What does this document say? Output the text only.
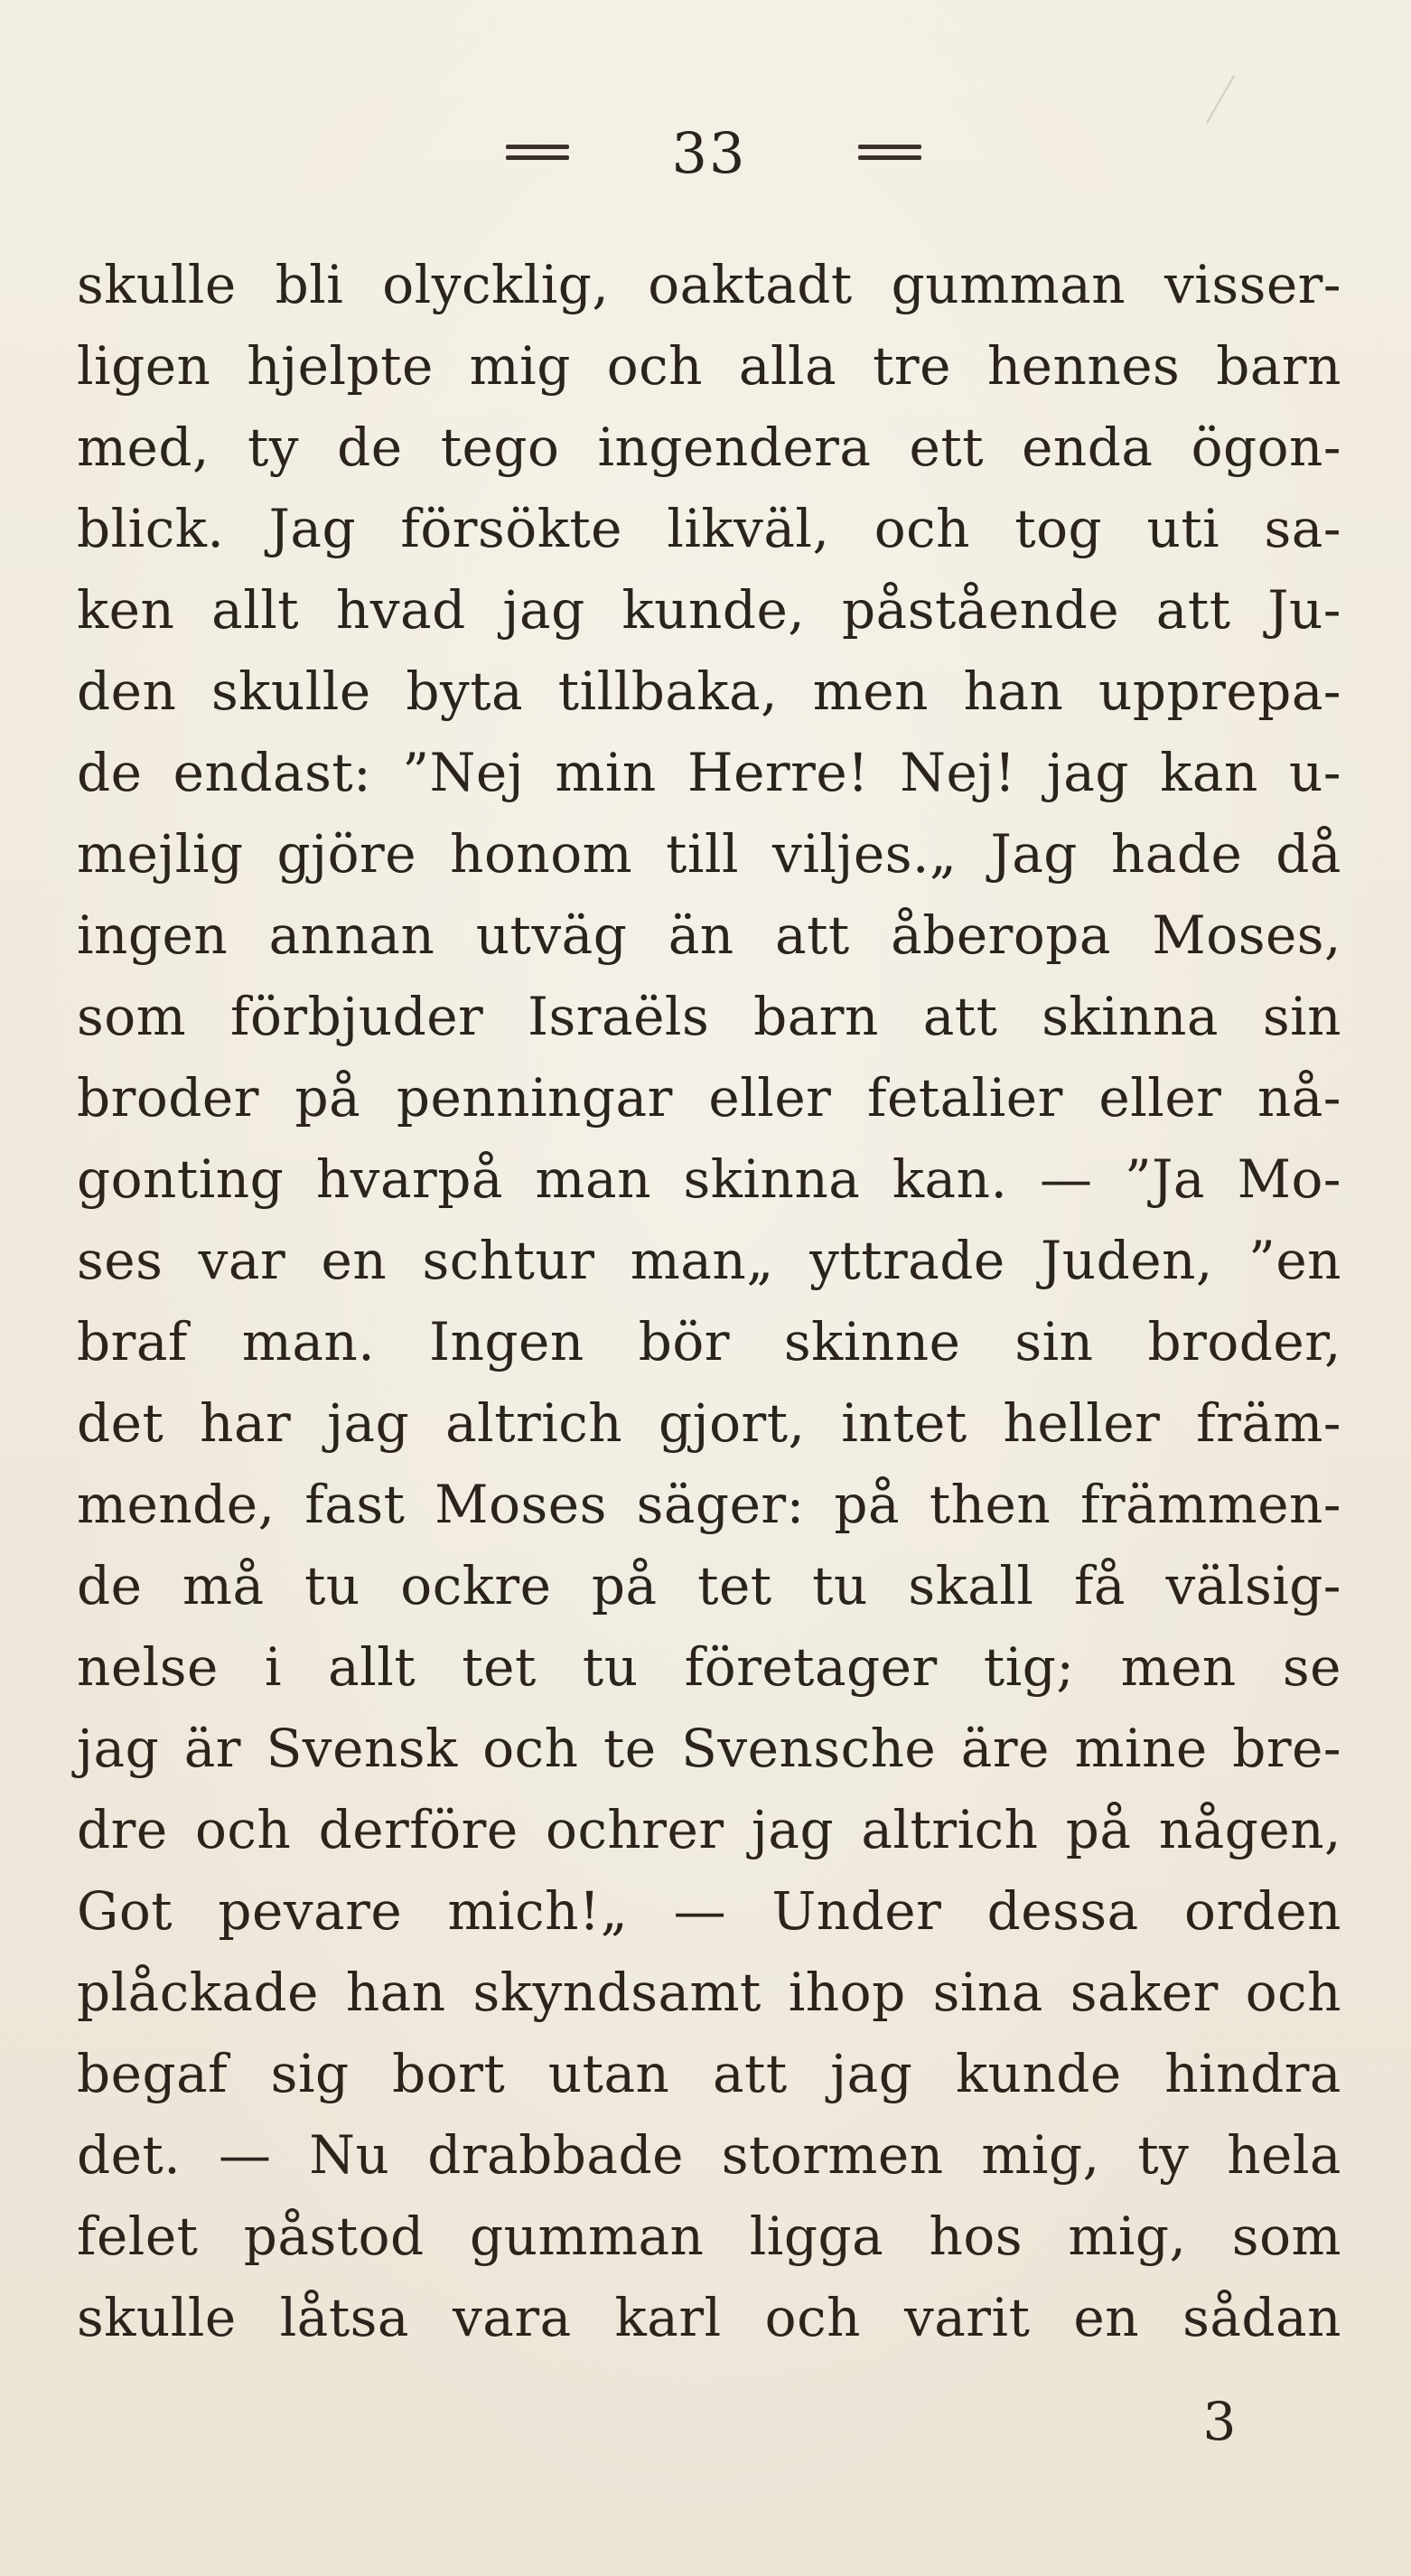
33
skulle bli olycklig, oaktadt gumman visser-
ligen hjelpte mig och alla tre hennes barn
med, ty de tego ingendera ett enda ögon-
blick. Jag försökte likväl, och tog uti sa-
ken allt hvad jag kunde, påstående att Ju-
den skulle byta tillbaka, men han upprepa-
de endast: ”Nej min Herre! Nej! jag kan u-
mejlig gjöre honom till viljes.„ Jag hade då
ingen annan utväg än att åberopa Moses,
som förbjuder Israëls barn att skinna sin
broder på penningar eller fetalier eller nå-
gonting hvarpå man skinna kan. — ”Ja Mo-
ses var en schtur man„ yttrade Juden, ”en
braf man. Ingen bör skinne sin broder,
det har jag altrich gjort, intet heller främ-
mende, fast Moses säger: på then främmen-
de må tu ockre på tet tu skall få välsig-
nelse i allt tet tu företager tig; men se
jag är Svensk och te Svensche äre mine bre-
dre och derföre ochrer jag altrich på någen,
Got pevare mich!„ — Under dessa orden
plåckade han skyndsamt ihop sina saker och
begaf sig bort utan att jag kunde hindra
det. — Nu drabbade stormen mig, ty hela
felet påstod gumman ligga hos mig, som
skulle låtsa vara karl och varit en sådan
3
